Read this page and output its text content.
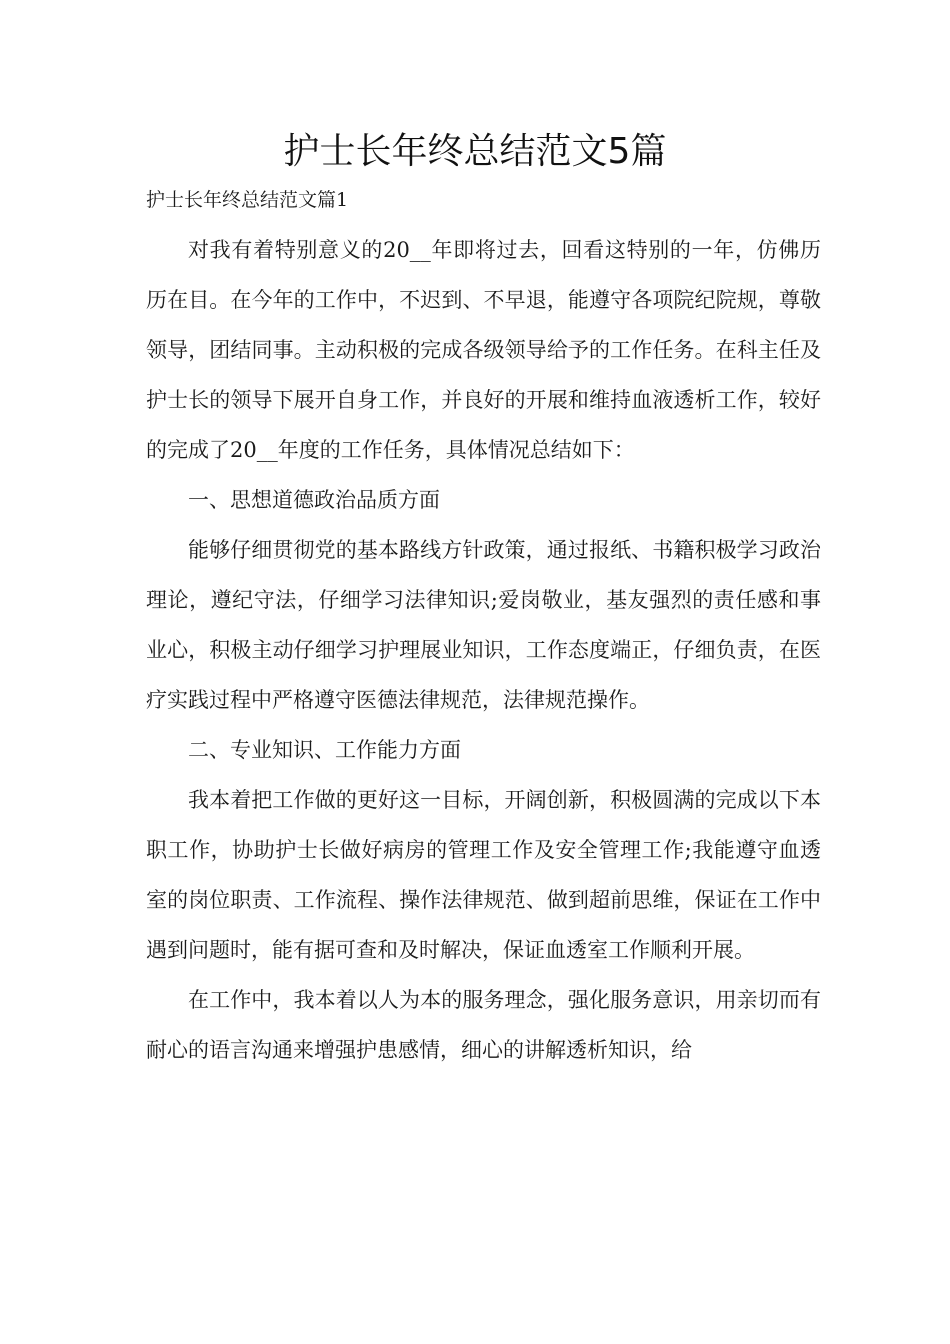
护士长年终总结范文5篇
护士长年终总结范文篇1

对我有着特别意义的20__年即将过去，回看这特别的一年，仿佛历历在目。在今年的工作中，不迟到、不早退，能遵守各项院纪院规，尊敬领导，团结同事。主动积极的完成各级领导给予的工作任务。在科主任及护士长的领导下展开自身工作，并良好的开展和维持血液透析工作，较好的完成了20__年度的工作任务，具体情况总结如下：

一、思想道德政治品质方面

能够仔细贯彻党的基本路线方针政策，通过报纸、书籍积极学习政治理论，遵纪守法，仔细学习法律知识;爱岗敬业，基友强烈的责任感和事业心，积极主动仔细学习护理展业知识，工作态度端正，仔细负责，在医疗实践过程中严格遵守医德法律规范，法律规范操作。

二、专业知识、工作能力方面

我本着把工作做的更好这一目标，开阔创新，积极圆满的完成以下本职工作，协助护士长做好病房的管理工作及安全管理工作;我能遵守血透室的岗位职责、工作流程、操作法律规范、做到超前思维，保证在工作中遇到问题时，能有据可查和及时解决，保证血透室工作顺利开展。

在工作中，我本着以人为本的服务理念，强化服务意识，用亲切而有耐心的语言沟通来增强护患感情，细心的讲解透析知识，给
